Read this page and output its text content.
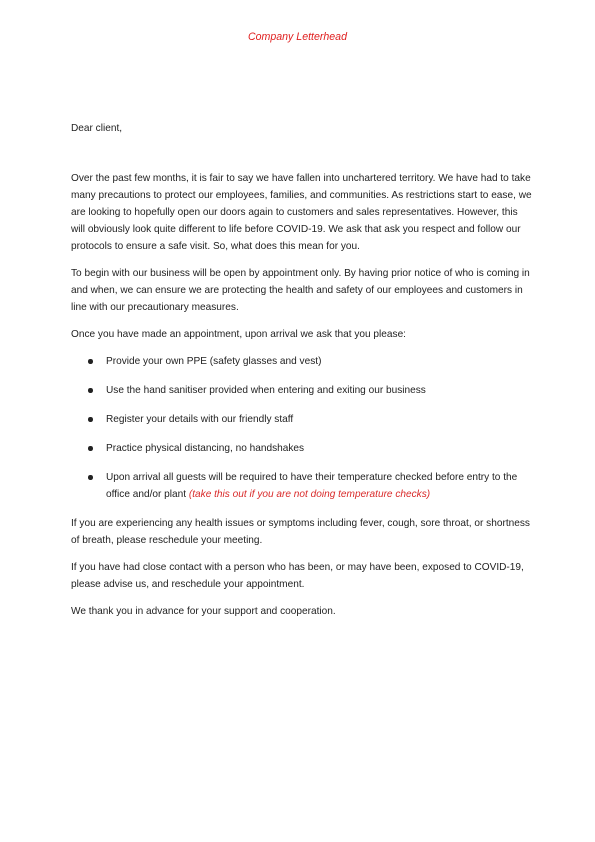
Company Letterhead

Dear client,

Over the past few months, it is fair to say we have fallen into unchartered territory. We have had to take many precautions to protect our employees, families, and communities. As restrictions start to ease, we are looking to hopefully open our doors again to customers and sales representatives. However, this will obviously look quite different to life before COVID-19. We ask that ask you respect and follow our protocols to ensure a safe visit. So, what does this mean for you.

To begin with our business will be open by appointment only. By having prior notice of who is coming in and when, we can ensure we are protecting the health and safety of our employees and customers in line with our precautionary measures.

Once you have made an appointment, upon arrival we ask that you please:

Provide your own PPE (safety glasses and vest)
Use the hand sanitiser provided when entering and exiting our business
Register your details with our friendly staff
Practice physical distancing, no handshakes
Upon arrival all guests will be required to have their temperature checked before entry to the office and/or plant (take this out if you are not doing temperature checks)

If you are experiencing any health issues or symptoms including fever, cough, sore throat, or shortness of breath, please reschedule your meeting.

If you have had close contact with a person who has been, or may have been, exposed to COVID-19, please advise us, and reschedule your appointment.

We thank you in advance for your support and cooperation.
